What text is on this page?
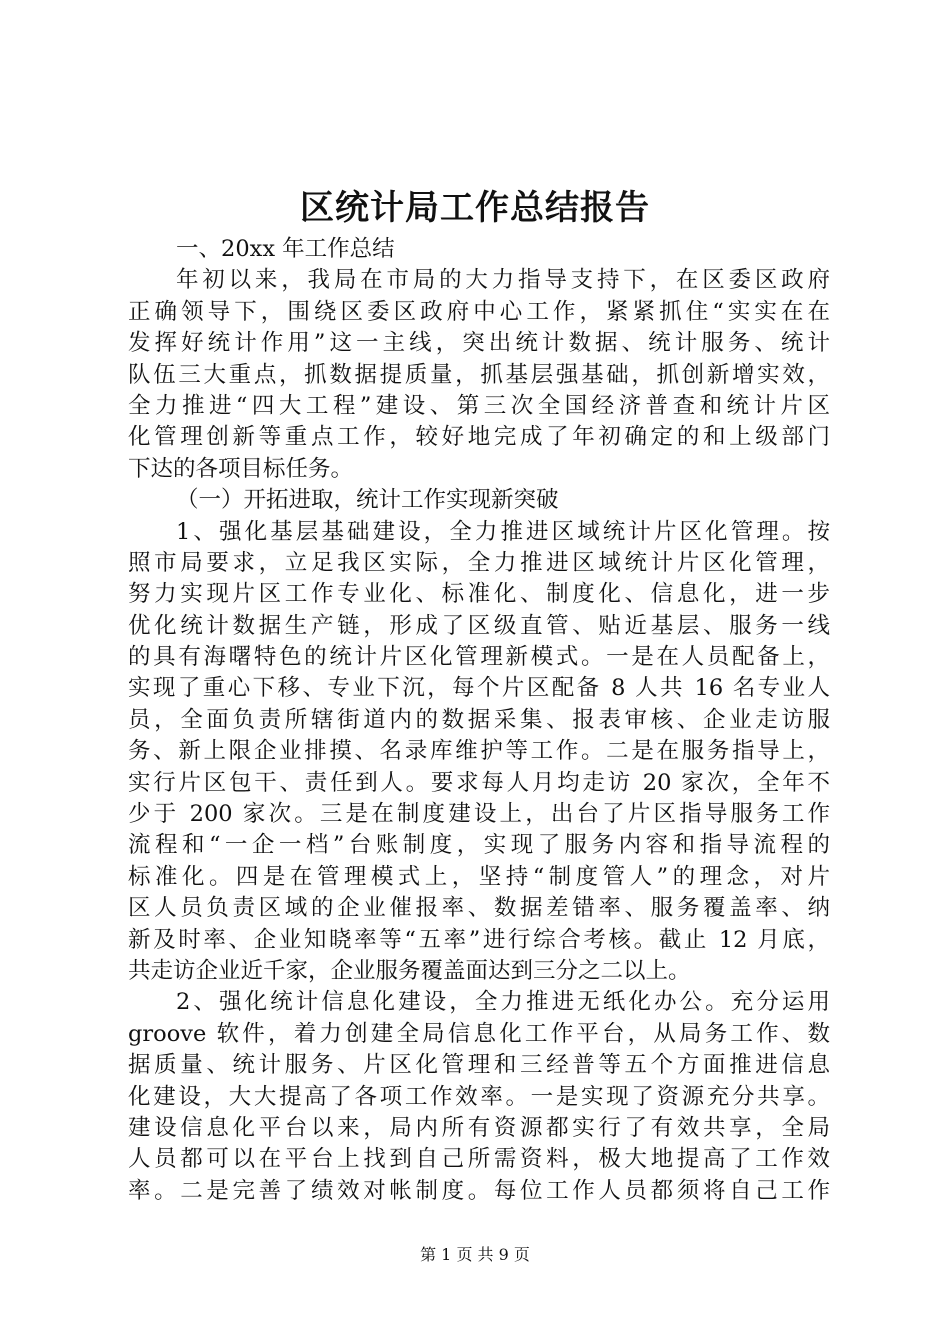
区统计局工作总结报告
一、20xx 年工作总结
年初以来，我局在市局的大力指导支持下，在区委区政府
正确领导下，围绕区委区政府中心工作，紧紧抓住“实实在在
发挥好统计作用”这一主线，突出统计数据、统计服务、统计
队伍三大重点，抓数据提质量，抓基层强基础，抓创新增实效，
全力推进“四大工程”建设、第三次全国经济普查和统计片区
化管理创新等重点工作，较好地完成了年初确定的和上级部门
下达的各项目标任务。
（一）开拓进取，统计工作实现新突破
1、强化基层基础建设，全力推进区域统计片区化管理。按
照市局要求，立足我区实际，全力推进区域统计片区化管理，
努力实现片区工作专业化、标准化、制度化、信息化，进一步
优化统计数据生产链，形成了区级直管、贴近基层、服务一线
的具有海曙特色的统计片区化管理新模式。一是在人员配备上，
实现了重心下移、专业下沉，每个片区配备 8 人共 16 名专业人
员，全面负责所辖街道内的数据采集、报表审核、企业走访服
务、新上限企业排摸、名录库维护等工作。二是在服务指导上，
实行片区包干、责任到人。要求每人月均走访 20 家次，全年不
少于 200 家次。三是在制度建设上，出台了片区指导服务工作
流程和“一企一档”台账制度，实现了服务内容和指导流程的
标准化。四是在管理模式上，坚持“制度管人”的理念，对片
区人员负责区域的企业催报率、数据差错率、服务覆盖率、纳
新及时率、企业知晓率等“五率”进行综合考核。截止 12 月底，
共走访企业近千家，企业服务覆盖面达到三分之二以上。
2、强化统计信息化建设，全力推进无纸化办公。充分运用
groove 软件，着力创建全局信息化工作平台，从局务工作、数
据质量、统计服务、片区化管理和三经普等五个方面推进信息
化建设，大大提高了各项工作效率。一是实现了资源充分共享。
建设信息化平台以来，局内所有资源都实行了有效共享，全局
人员都可以在平台上找到自己所需资料，极大地提高了工作效
率。二是完善了绩效对帐制度。每位工作人员都须将自己工作
第 1 页 共 9 页
